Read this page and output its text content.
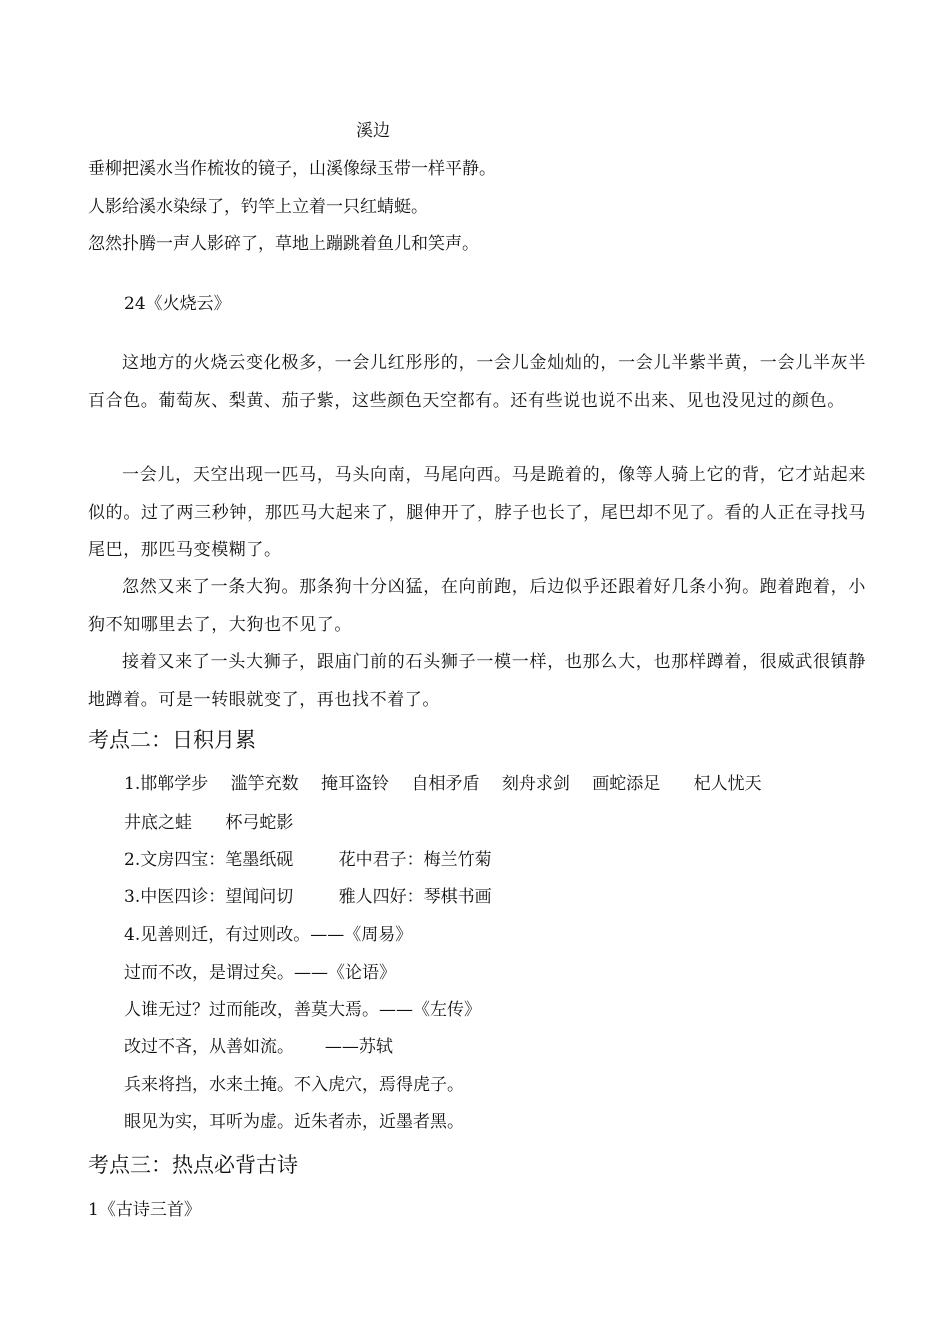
溪边
垂柳把溪水当作梳妆的镜子，山溪像绿玉带一样平静。
人影给溪水染绿了，钓竿上立着一只红蜻蜓。
忽然扑腾一声人影碎了，草地上蹦跳着鱼儿和笑声。
24《火烧云》
这地方的火烧云变化极多，一会儿红彤彤的，一会儿金灿灿的，一会儿半紫半黄，一会儿半灰半百合色。葡萄灰、梨黄、茄子紫，这些颜色天空都有。还有些说也说不出来、见也没见过的颜色。
一会儿，天空出现一匹马，马头向南，马尾向西。马是跪着的，像等人骑上它的背，它才站起来似的。过了两三秒钟，那匹马大起来了，腿伸开了，脖子也长了，尾巴却不见了。看的人正在寻找马尾巴，那匹马变模糊了。
忽然又来了一条大狗。那条狗十分凶猛，在向前跑，后边似乎还跟着好几条小狗。跑着跑着，小狗不知哪里去了，大狗也不见了。
接着又来了一头大狮子，跟庙门前的石头狮子一模一样，也那么大，也那样蹲着，很威武很镇静地蹲着。可是一转眼就变了，再也找不着了。
考点二：日积月累
1.邯郸学步 滥竽充数 掩耳盗铃 自相矛盾 刻舟求剑 画蛇添足 杞人忧天
井底之蛙 杯弓蛇影
2.文房四宝：笔墨纸砚	花中君子：梅兰竹菊
3.中医四诊：望闻问切	雅人四好：琴棋书画
4.见善则迁，有过则改。——《周易》
过而不改，是谓过矣。——《论语》
人谁无过？过而能改，善莫大焉。——《左传》
改过不吝，从善如流。　　 ——苏轼
兵来将挡，水来土掩。不入虎穴，焉得虎子。
眼见为实，耳听为虚。近朱者赤，近墨者黑。
考点三：热点必背古诗
1《古诗三首》
